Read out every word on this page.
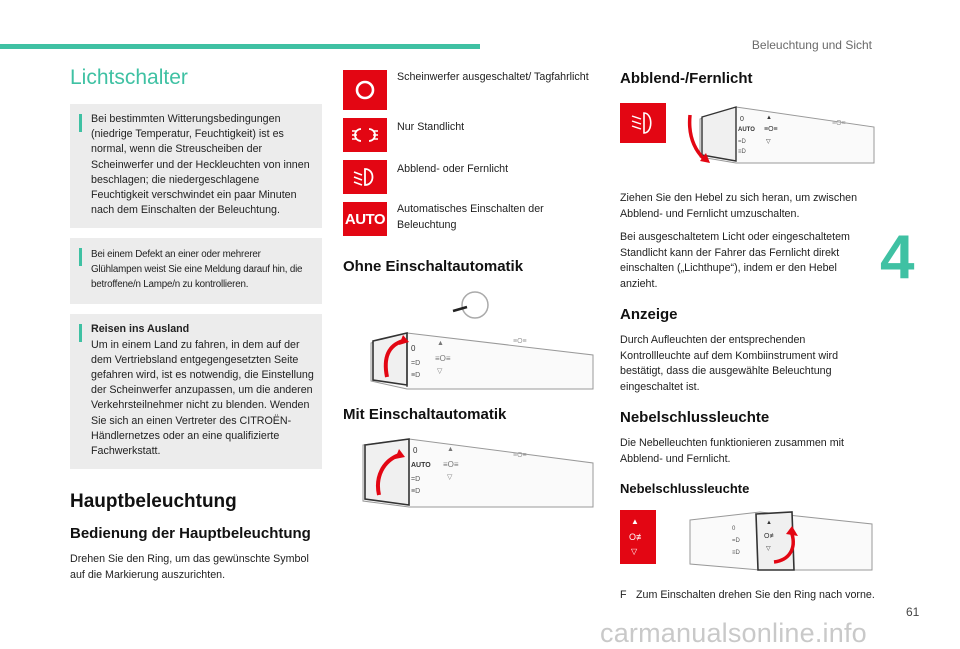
Beleuchtung und Sicht
4
61
carmanualsonline.info
Lichtschalter
Bei bestimmten Witterungsbedingungen (niedrige Temperatur, Feuchtigkeit) ist es normal, wenn die Streuscheiben der Scheinwerfer und der Heckleuchten von innen beschlagen; die niedergeschlagene Feuchtigkeit verschwindet ein paar Minuten nach dem Einschalten der Beleuchtung.
Bei einem Defekt an einer oder mehrerer Glühlampen weist Sie eine Meldung darauf hin, die betroffene/n Lampe/n zu kontrollieren.
Reisen ins Ausland
Um in einem Land zu fahren, in dem auf der dem Vertriebsland entgegengesetzten Seite gefahren wird, ist es notwendig, die Einstellung der Scheinwerfer anzupassen, um die anderen Verkehrsteilnehmer nicht zu blenden. Wenden Sie sich an einen Vertreter des CITROËN-Händlernetzes oder an eine qualifizierte Fachwerkstatt.
Hauptbeleuchtung
Bedienung der Hauptbeleuchtung

Drehen Sie den Ring, um das gewünschte Symbol auf die Markierung auszurichten.

Scheinwerfer ausgeschaltet/ Tagfahrlicht
Nur Standlicht
Abblend- oder Fernlicht
AUTO
Automatisches Einschalten der Beleuchtung
Ohne Einschaltautomatik
0
=D
≡D
▲
≡O≡
▽
≡O≡
Mit Einschaltautomatik
0
AUTO
=D
≡D
▲
≡O≡
▽
≡O≡
Abblend-/Fernlicht
0
AUTO
=D
≡D
▲
≡O≡
▽
≡O≡

Ziehen Sie den Hebel zu sich heran, um zwischen Abblend- und Fernlicht umzuschalten.

Bei ausgeschaltetem Licht oder eingeschaltetem Standlicht kann der Fahrer das Fernlicht direkt einschalten („Lichthupe“), indem er den Hebel anzieht.

Anzeige

Durch Aufleuchten der entsprechenden Kontrollleuchte auf dem Kombiinstrument wird bestätigt, dass die ausgewählte Beleuchtung eingeschaltet ist.

Nebelschlussleuchte

Die Nebelleuchten funktionieren zusammen mit Abblend- und Fernlicht.

Nebelschlussleuchte
▲
O≢
▽
0
=D
≡D
▲
O≢
▽
F Zum Einschalten drehen Sie den Ring nach vorne.
